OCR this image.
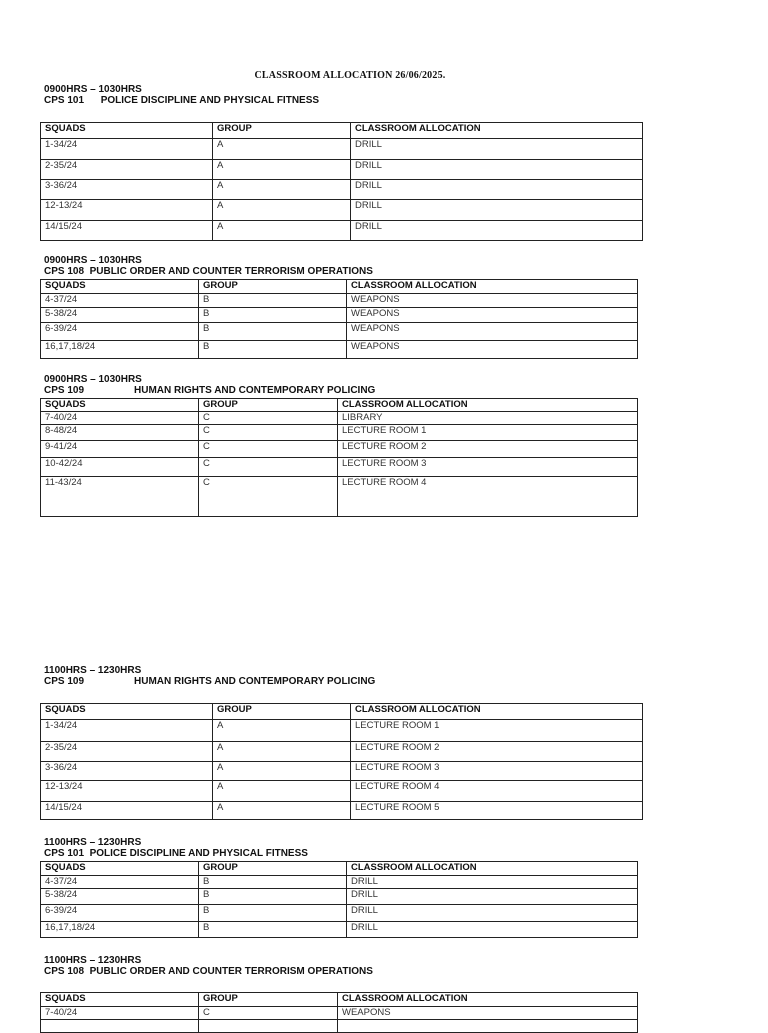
CLASSROOM ALLOCATION 26/06/2025.
0900HRS – 1030HRS
CPS 101      POLICE DISCIPLINE AND PHYSICAL FITNESS
SQUADS	GROUP	CLASSROOM ALLOCATION
1-34/24	A	DRILL
2-35/24	A	DRILL
3-36/24	A	DRILL
12-13/24	A	DRILL
14/15/24	A	DRILL
0900HRS – 1030HRS
CPS 108  PUBLIC ORDER AND COUNTER TERRORISM OPERATIONS
SQUADS	GROUP	CLASSROOM ALLOCATION
4-37/24	B	WEAPONS
5-38/24	B	WEAPONS
6-39/24	B	WEAPONS
16,17,18/24	B	WEAPONS
0900HRS – 1030HRS
CPS 109                  HUMAN RIGHTS AND CONTEMPORARY POLICING
SQUADS	GROUP	CLASSROOM ALLOCATION
7-40/24	C	LIBRARY
8-48/24	C	LECTURE ROOM 1
9-41/24	C	LECTURE ROOM 2
10-42/24	C	LECTURE ROOM 3
11-43/24	C	LECTURE ROOM 4
1100HRS – 1230HRS
CPS 109                  HUMAN RIGHTS AND CONTEMPORARY POLICING
SQUADS	GROUP	CLASSROOM ALLOCATION
1-34/24	A	LECTURE ROOM 1
2-35/24	A	LECTURE ROOM 2
3-36/24	A	LECTURE ROOM 3
12-13/24	A	LECTURE ROOM 4
14/15/24	A	LECTURE ROOM 5
1100HRS – 1230HRS
CPS 101  POLICE DISCIPLINE AND PHYSICAL FITNESS
SQUADS	GROUP	CLASSROOM ALLOCATION
4-37/24	B	DRILL
5-38/24	B	DRILL
6-39/24	B	DRILL
16,17,18/24	B	DRILL
1100HRS – 1230HRS
CPS 108  PUBLIC ORDER AND COUNTER TERRORISM OPERATIONS
SQUADS	GROUP	CLASSROOM ALLOCATION
7-40/24	C	WEAPONS
